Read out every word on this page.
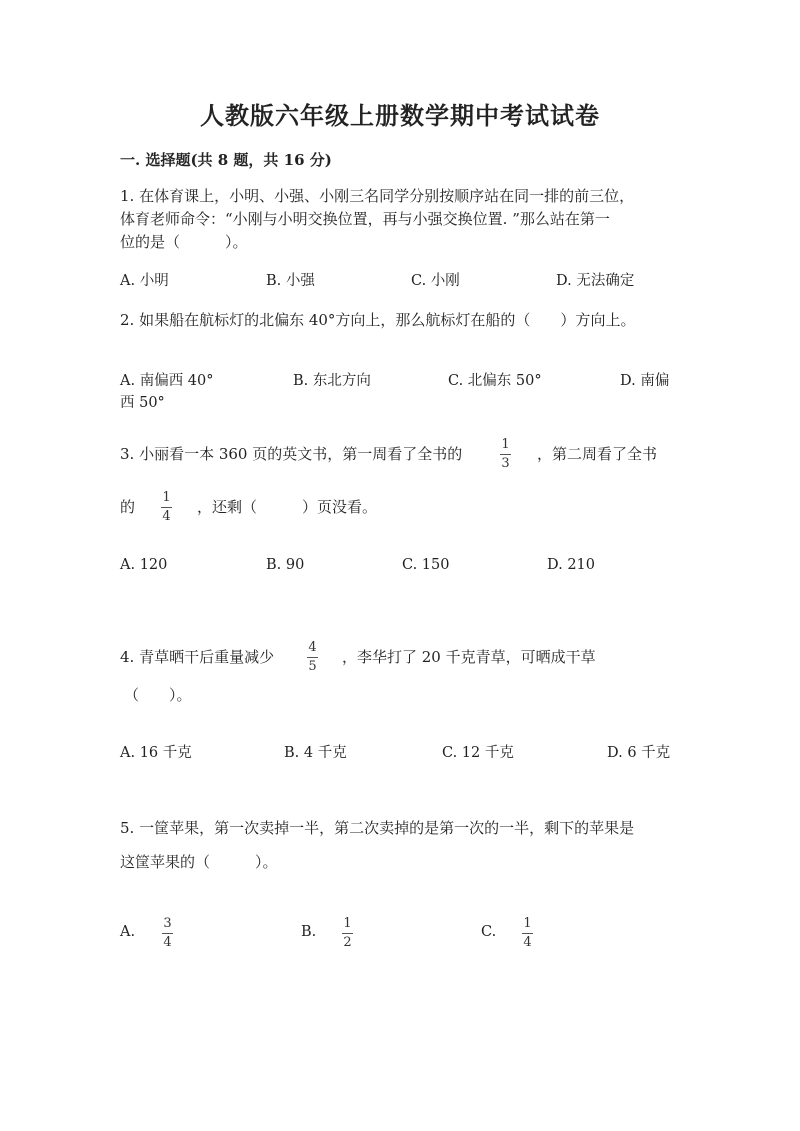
人教版六年级上册数学期中考试试卷
一. 选择题(共 8 题，共 16 分)
1. 在体育课上，小明、小强、小刚三名同学分别按顺序站在同一排的前三位，
体育老师命令：“小刚与小明交换位置，再与小强交换位置. ”那么站在第一
位的是（　　　）。
A. 小明	B. 小强	C. 小刚	D. 无法确定
2. 如果船在航标灯的北偏东 40°方向上，那么航标灯在船的（　　）方向上。
A. 南偏西 40°	B. 东北方向	C. 北偏东 50°	D. 南偏
西 50°
3. 小丽看一本 360 页的英文书，第一周看了全书的
1
3
，第二周看了全书
的
1
4
，还剩（　　　）页没看。
A. 120	B. 90	C. 150	D. 210
4. 青草晒干后重量减少
4
5
，李华打了 20 千克青草，可晒成干草
（　　）。
A. 16 千克	B. 4 千克	C. 12 千克	D. 6 千克
5. 一筐苹果，第一次卖掉一半，第二次卖掉的是第一次的一半，剩下的苹果是
这筐苹果的（　　　）。
A.
3
4
B.
1
2
C.
1
4
